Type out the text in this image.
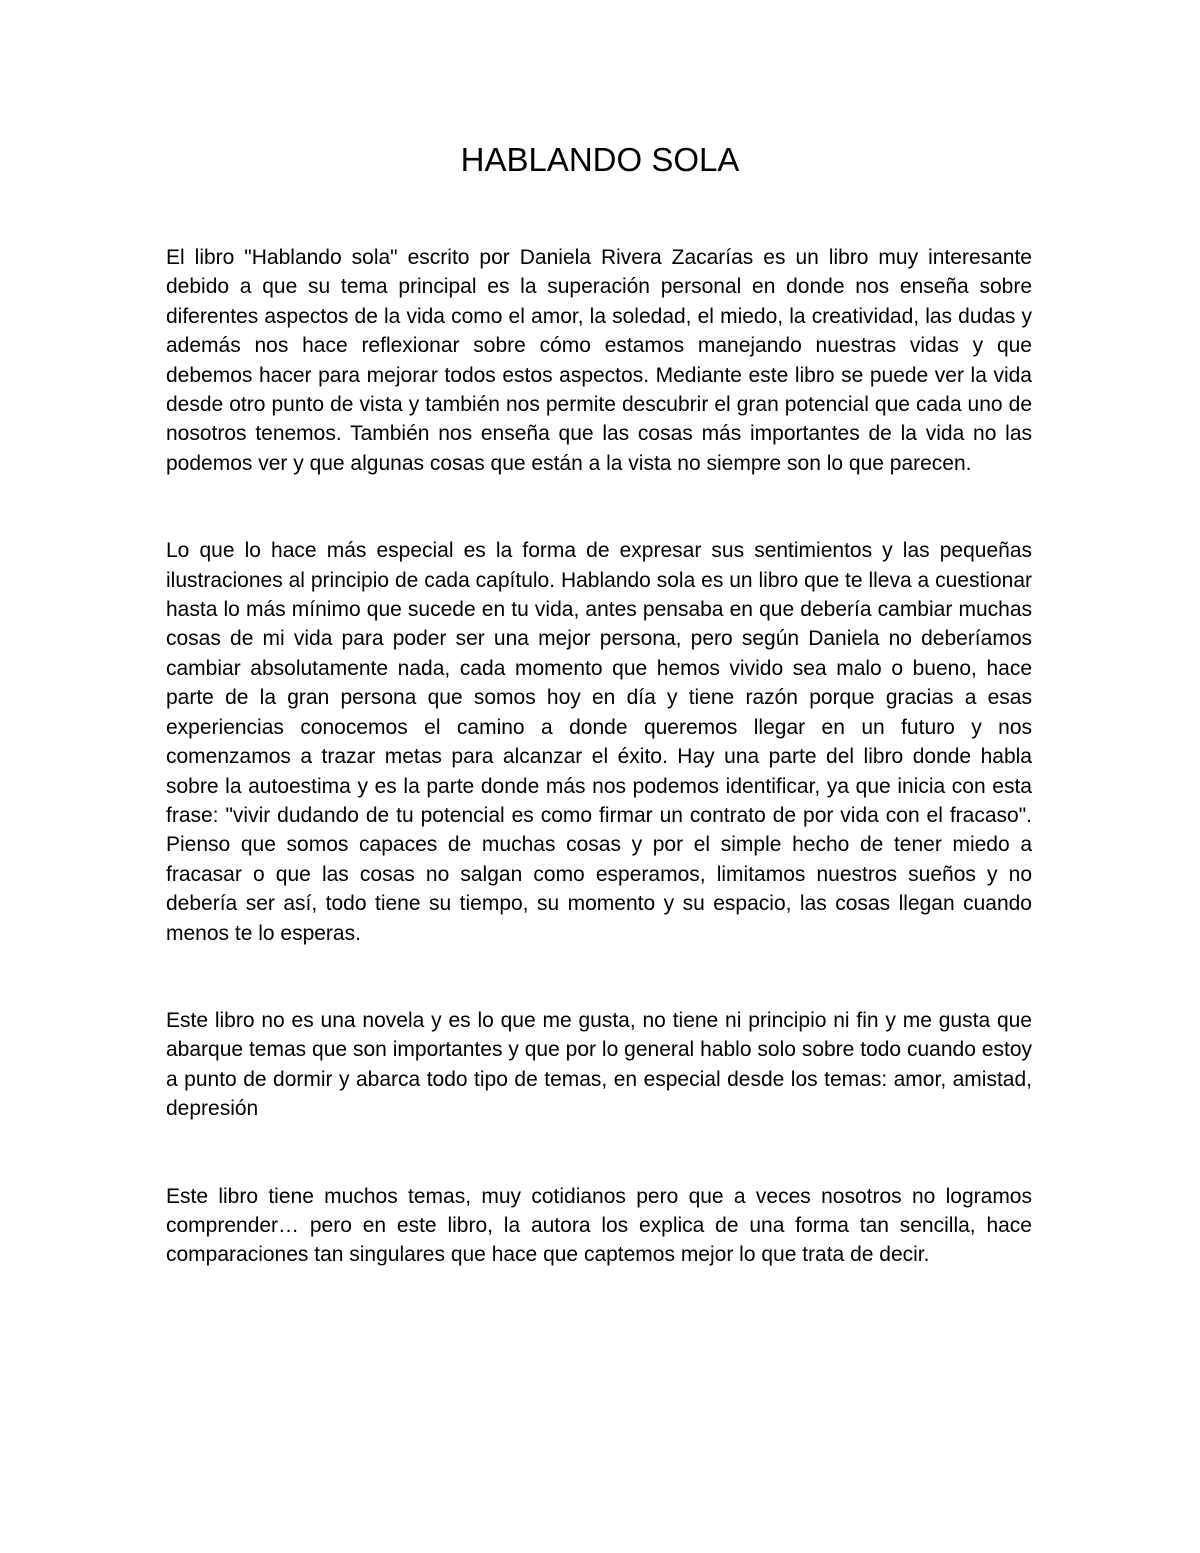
HABLANDO SOLA

El libro "Hablando sola" escrito por Daniela Rivera Zacarías es un libro muy interesante debido a que su tema principal es la superación personal en donde nos enseña sobre diferentes aspectos de la vida como el amor, la soledad, el miedo, la creatividad, las dudas y además nos hace reflexionar sobre cómo estamos manejando nuestras vidas y que debemos hacer para mejorar todos estos aspectos. Mediante este libro se puede ver la vida desde otro punto de vista y también nos permite descubrir el gran potencial que cada uno de nosotros tenemos. También nos enseña que las cosas más importantes de la vida no las podemos ver y que algunas cosas que están a la vista no siempre son lo que parecen.

Lo que lo hace más especial es la forma de expresar sus sentimientos y las pequeñas ilustraciones al principio de cada capítulo. Hablando sola es un libro que te lleva a cuestionar hasta lo más mínimo que sucede en tu vida, antes pensaba en que debería cambiar muchas cosas de mi vida para poder ser una mejor persona, pero según Daniela no deberíamos cambiar absolutamente nada, cada momento que hemos vivido sea malo o bueno, hace parte de la gran persona que somos hoy en día y tiene razón porque gracias a esas experiencias conocemos el camino a donde queremos llegar en un futuro y nos comenzamos a trazar metas para alcanzar el éxito. Hay una parte del libro donde habla sobre la autoestima y es la parte donde más nos podemos identificar, ya que inicia con esta frase: "vivir dudando de tu potencial es como firmar un contrato de por vida con el fracaso". Pienso que somos capaces de muchas cosas y por el simple hecho de tener miedo a fracasar o que las cosas no salgan como esperamos, limitamos nuestros sueños y no debería ser así, todo tiene su tiempo, su momento y su espacio, las cosas llegan cuando menos te lo esperas.

Este libro no es una novela y es lo que me gusta, no tiene ni principio ni fin y me gusta que abarque temas que son importantes y que por lo general hablo solo sobre todo cuando estoy a punto de dormir y abarca todo tipo de temas, en especial desde los temas: amor, amistad, depresión

Este libro tiene muchos temas, muy cotidianos pero que a veces nosotros no logramos comprender… pero en este libro, la autora los explica de una forma tan sencilla, hace comparaciones tan singulares que hace que captemos mejor lo que trata de decir.
